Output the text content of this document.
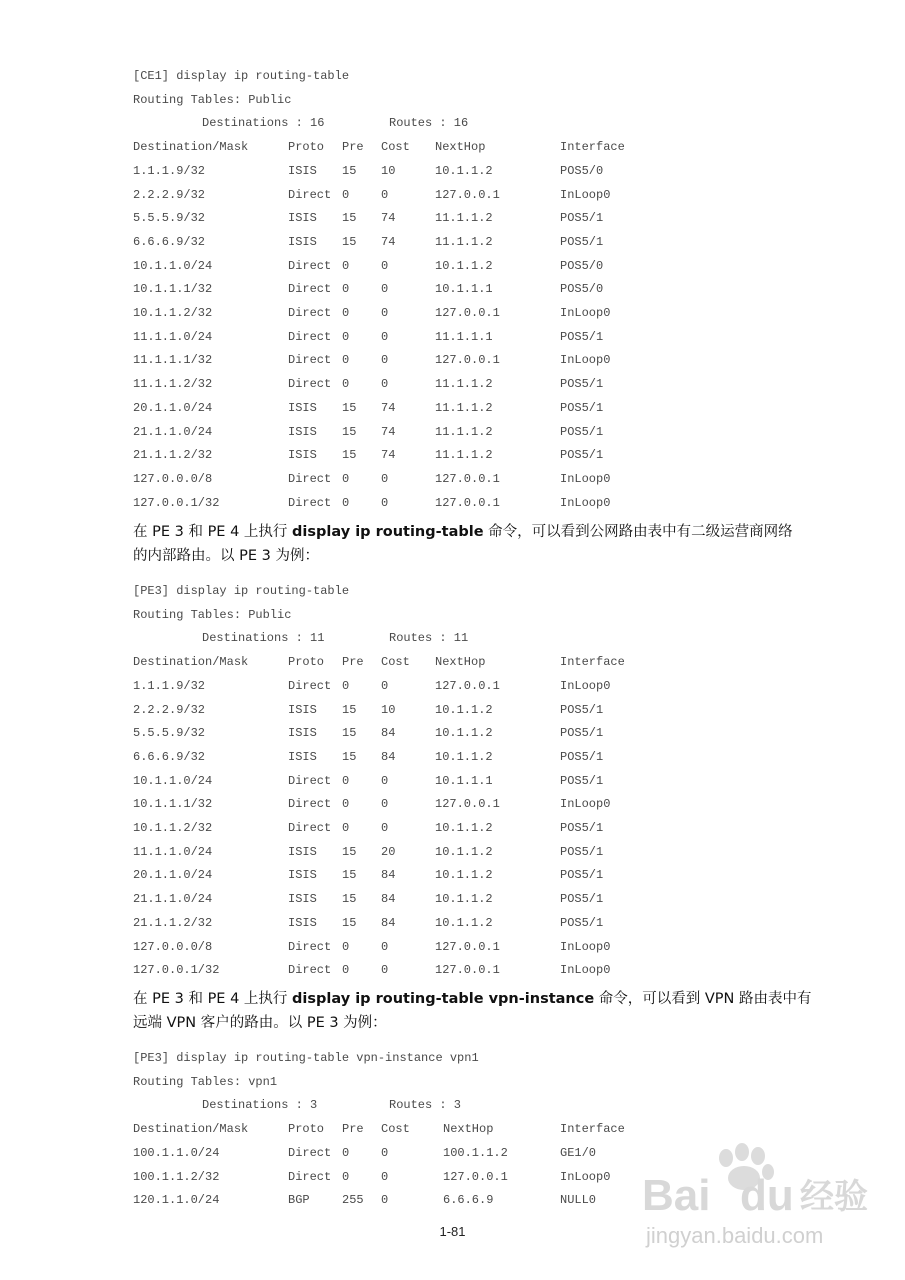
[CE1] display ip routing-table
Routing Tables: Public
Destinations : 16	Routes : 16
Destination/Mask	Proto Pre Cost NextHop	Interface
1.1.1.9/32	ISIS 15 10	10.1.1.2	POS5/0
2.2.2.9/32	Direct 0	0	127.0.0.1	InLoop0
5.5.5.9/32	ISIS 15 74	11.1.1.2	POS5/1
6.6.6.9/32	ISIS 15 74	11.1.1.2	POS5/1
10.1.1.0/24	Direct 0	0	10.1.1.2	POS5/0
10.1.1.1/32	Direct 0	0	10.1.1.1	POS5/0
10.1.1.2/32	Direct 0	0	127.0.0.1	InLoop0
11.1.1.0/24	Direct 0	0	11.1.1.1	POS5/1
11.1.1.1/32	Direct 0	0	127.0.0.1	InLoop0
11.1.1.2/32	Direct 0	0	11.1.1.2	POS5/1
20.1.1.0/24	ISIS 15 74	11.1.1.2	POS5/1
21.1.1.0/24	ISIS 15 74	11.1.1.2	POS5/1
21.1.1.2/32	ISIS 15 74	11.1.1.2	POS5/1
127.0.0.0/8	Direct 0	0	127.0.0.1	InLoop0
127.0.0.1/32	Direct 0	0	127.0.0.1	InLoop0
[PE3] display ip routing-table
Routing Tables: Public
Destinations : 11	Routes : 11
Destination/Mask	Proto Pre Cost NextHop	Interface
1.1.1.9/32	Direct 0	0	127.0.0.1	InLoop0
2.2.2.9/32	ISIS 15 10	10.1.1.2	POS5/1
5.5.5.9/32	ISIS 15 84	10.1.1.2	POS5/1
6.6.6.9/32	ISIS 15 84	10.1.1.2	POS5/1
10.1.1.0/24	Direct 0	0	10.1.1.1	POS5/1
10.1.1.1/32	Direct 0	0	127.0.0.1	InLoop0
10.1.1.2/32	Direct 0	0	10.1.1.2	POS5/1
11.1.1.0/24	ISIS 15 20	10.1.1.2	POS5/1
20.1.1.0/24	ISIS 15 84	10.1.1.2	POS5/1
21.1.1.0/24	ISIS 15 84	10.1.1.2	POS5/1
21.1.1.2/32	ISIS 15 84	10.1.1.2	POS5/1
127.0.0.0/8	Direct 0	0	127.0.0.1	InLoop0
127.0.0.1/32	Direct 0	0	127.0.0.1	InLoop0
[PE3] display ip routing-table vpn-instance vpn1
Routing Tables: vpn1
Destinations : 3	Routes : 3
Destination/Mask	Proto Pre Cost	NextHop	Interface
100.1.1.0/24	Direct 0	0	100.1.1.2	GE1/0
100.1.1.2/32	Direct 0	0	127.0.0.1	InLoop0
120.1.1.0/24	BGP	255 0	6.6.6.9	NULL0
在 PE 3 和 PE 4 上执行 display ip routing-table 命令，可以看到公网路由表中有二级运营商网络
的内部路由。以 PE 3 为例：
在 PE 3 和 PE 4 上执行 display ip routing-table vpn-instance 命令，可以看到 VPN 路由表中有
远端 VPN 客户的路由。以 PE 3 为例：
1-81
Bai du 经验
jingyan.baidu.com
